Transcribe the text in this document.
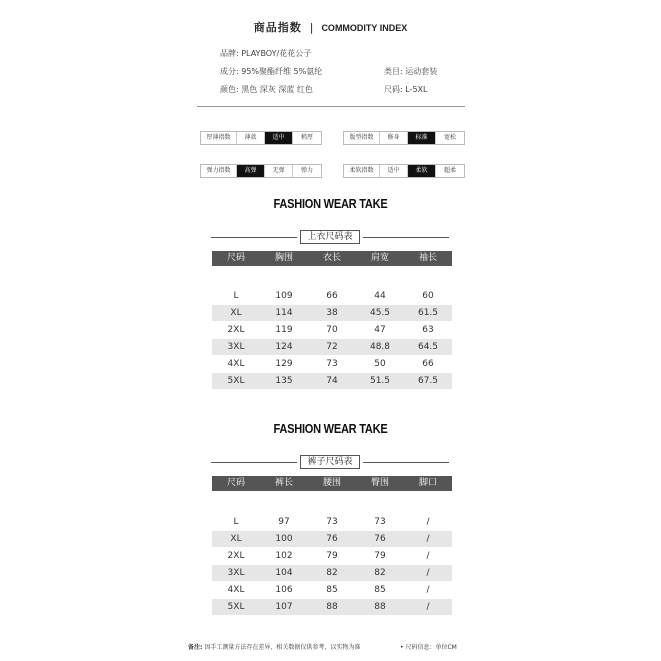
商品指数 | COMMODITY INDEX
品牌: PLAYBOY/花花公子
成分: 95%聚酯纤维 5%氨纶	类目: 运动套装
颜色: 黑色 深灰 深蓝 红色	尺码: L-5XL
厚薄指数	薄款	适中	稍厚	版型指数	修身	标准	宽松
弹力指数	高弹	无弹	弹力	柔软指数	适中	柔软	超柔
FASHION WEAR TAKE
上衣尺码表
尺码	胸围	衣长	肩宽	袖长
L	109	66	44	60
XL	114	38	45.5	61.5
2XL	119	70	47	63
3XL	124	72	48.8	64.5
4XL	129	73	50	66
5XL	135	74	51.5	67.5
FASHION WEAR TAKE
裤子尺码表
尺码	裤长	腰围	臀围	脚口
L	97	73	73	/
XL	100	76	76	/
2XL	102	79	79	/
3XL	104	82	82	/
4XL	106	85	85	/
5XL	107	88	88	/
备注: 因手工测量方法存在差异，相关数据仅供参考，以实物为准	• 尺码信息：单位CM
